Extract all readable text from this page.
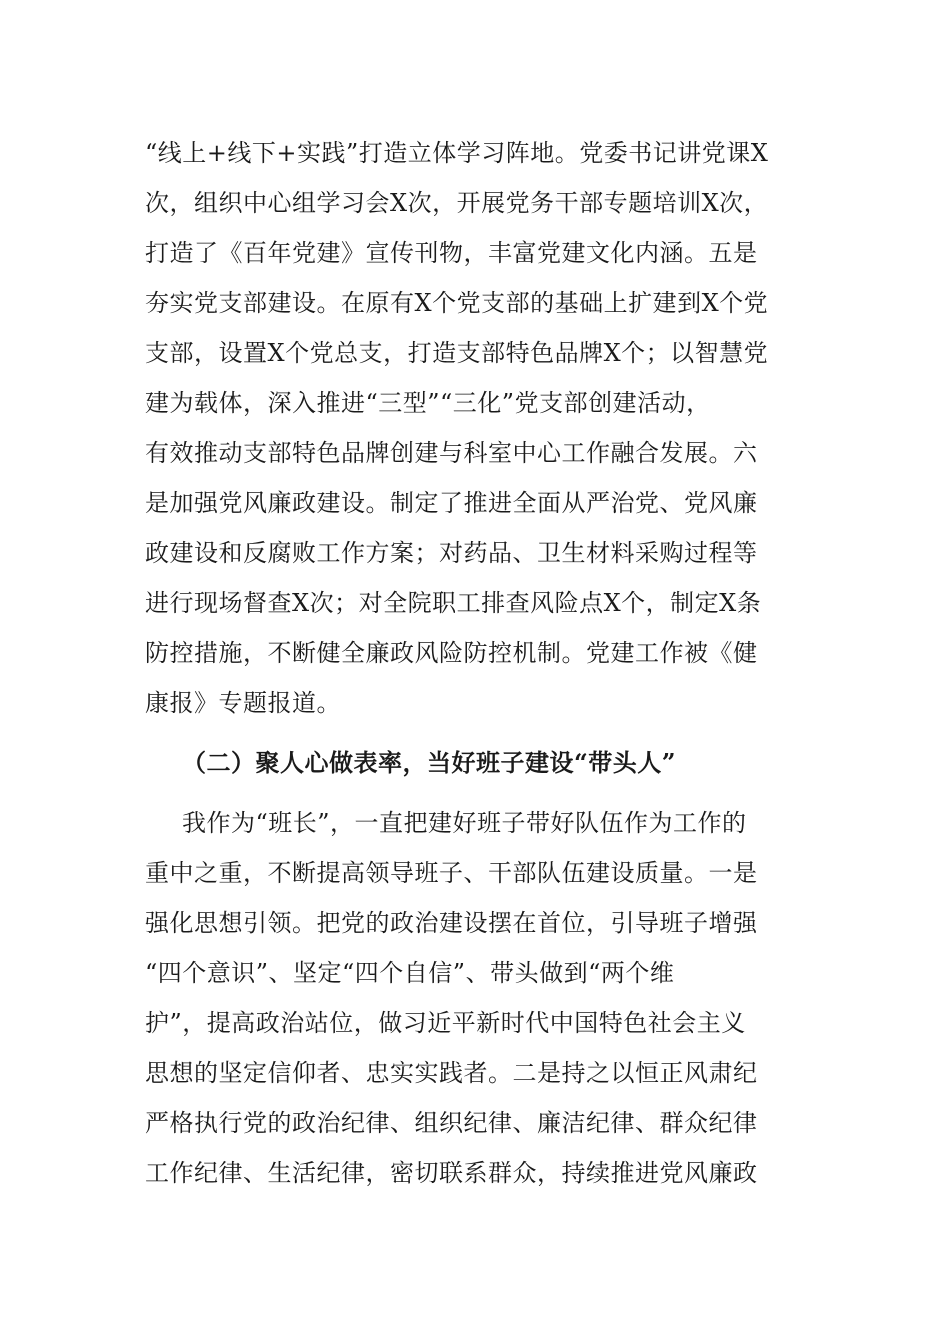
“线上+线下+实践”打造立体学习阵地。党委书记讲党课X
次，组织中心组学习会X次，开展党务干部专题培训X次，
打造了《百年党建》宣传刊物，丰富党建文化内涵。五是
夯实党支部建设。在原有X个党支部的基础上扩建到X个党
支部，设置X个党总支，打造支部特色品牌X个；以智慧党
建为载体，深入推进“三型”“三化”党支部创建活动，
有效推动支部特色品牌创建与科室中心工作融合发展。六
是加强党风廉政建设。制定了推进全面从严治党、党风廉
政建设和反腐败工作方案；对药品、卫生材料采购过程等
进行现场督查X次；对全院职工排查风险点X个，制定X条
防控措施，不断健全廉政风险防控机制。党建工作被《健
康报》专题报道。
（二）聚人心做表率，当好班子建设“带头人”
我作为“班长”，一直把建好班子带好队伍作为工作的
重中之重，不断提高领导班子、干部队伍建设质量。一是
强化思想引领。把党的政治建设摆在首位，引导班子增强
“四个意识”、坚定“四个自信”、带头做到“两个维
护”，提高政治站位，做习近平新时代中国特色社会主义
思想的坚定信仰者、忠实实践者。二是持之以恒正风肃纪
严格执行党的政治纪律、组织纪律、廉洁纪律、群众纪律
工作纪律、生活纪律，密切联系群众，持续推进党风廉政
